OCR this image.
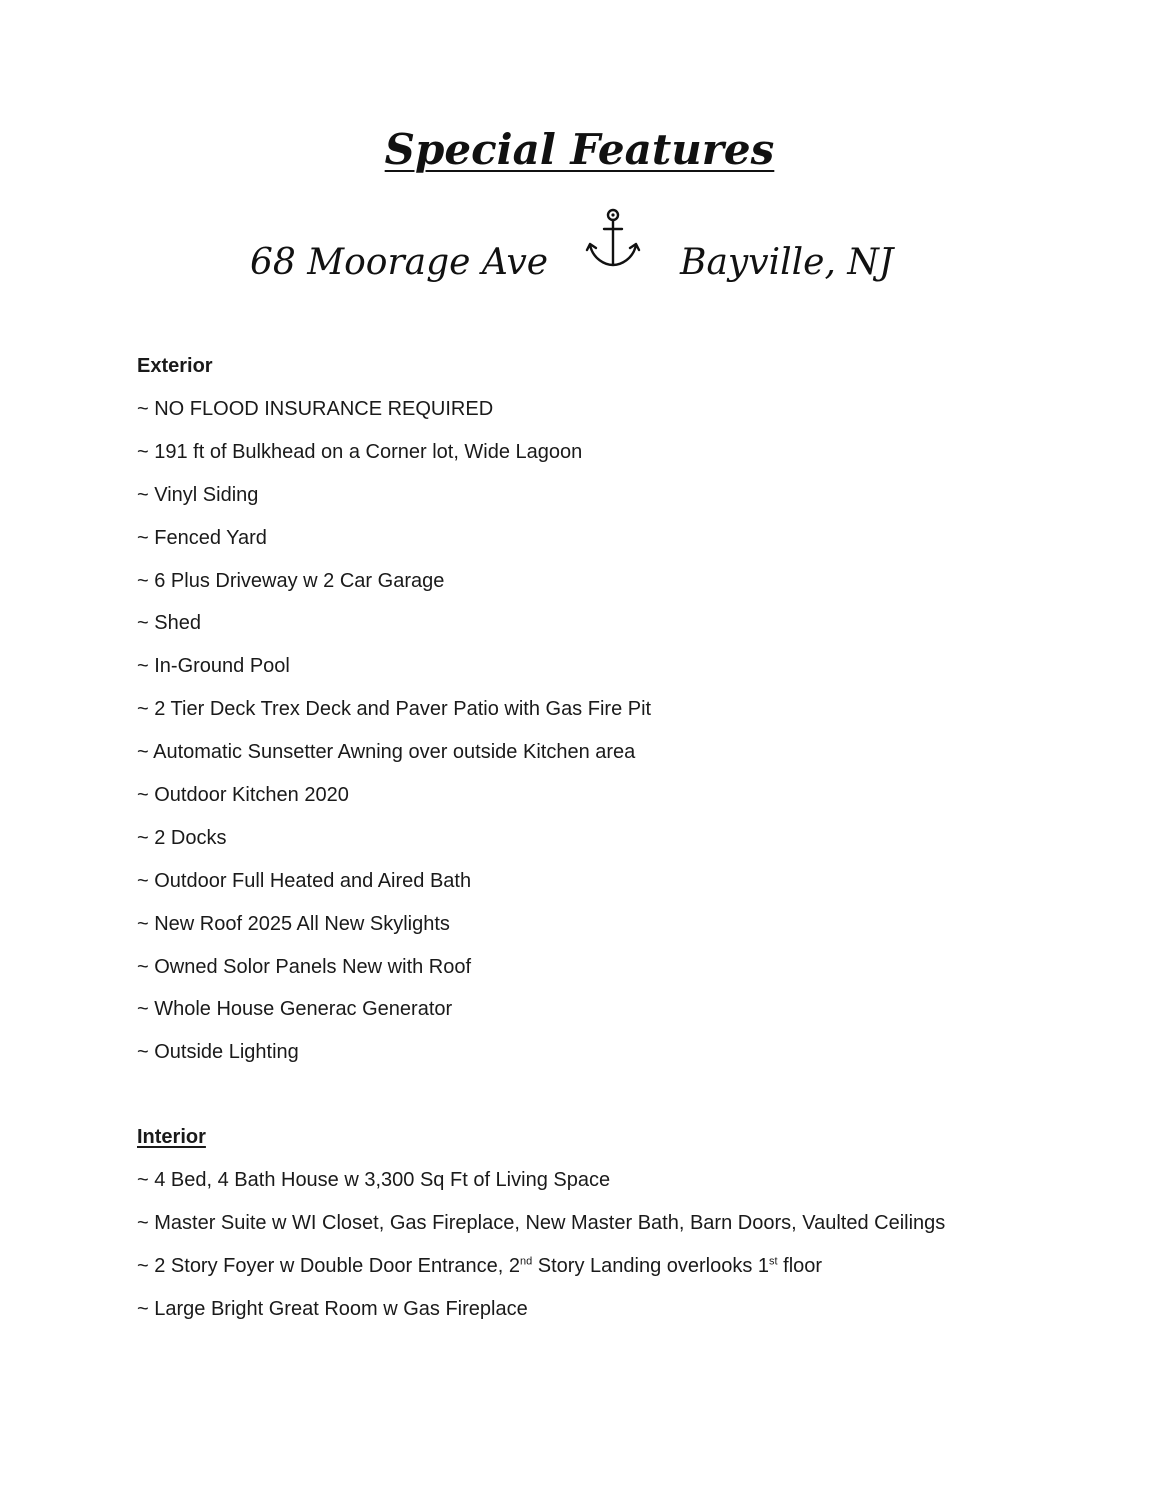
Special Features
68 Moorage Ave	Bayville, NJ
Exterior
~ NO FLOOD INSURANCE REQUIRED
~ 191 ft of Bulkhead on a Corner lot, Wide Lagoon
~ Vinyl Siding
~ Fenced Yard
~ 6 Plus Driveway w 2 Car Garage
~ Shed
~ In-Ground Pool
~ 2 Tier Deck Trex Deck and Paver Patio with Gas Fire Pit
~ Automatic Sunsetter Awning over outside Kitchen area
~ Outdoor Kitchen 2020
~ 2 Docks
~ Outdoor Full Heated and Aired Bath
~ New Roof 2025 All New Skylights
~ Owned Solor Panels New with Roof
~ Whole House Generac Generator
~ Outside Lighting
Interior
~ 4 Bed, 4 Bath House w 3,300 Sq Ft of Living Space
~ Master Suite w WI Closet, Gas Fireplace, New Master Bath, Barn Doors, Vaulted Ceilings
~ 2 Story Foyer w Double Door Entrance, 2nd Story Landing overlooks 1st floor
~ Large Bright Great Room w Gas Fireplace
